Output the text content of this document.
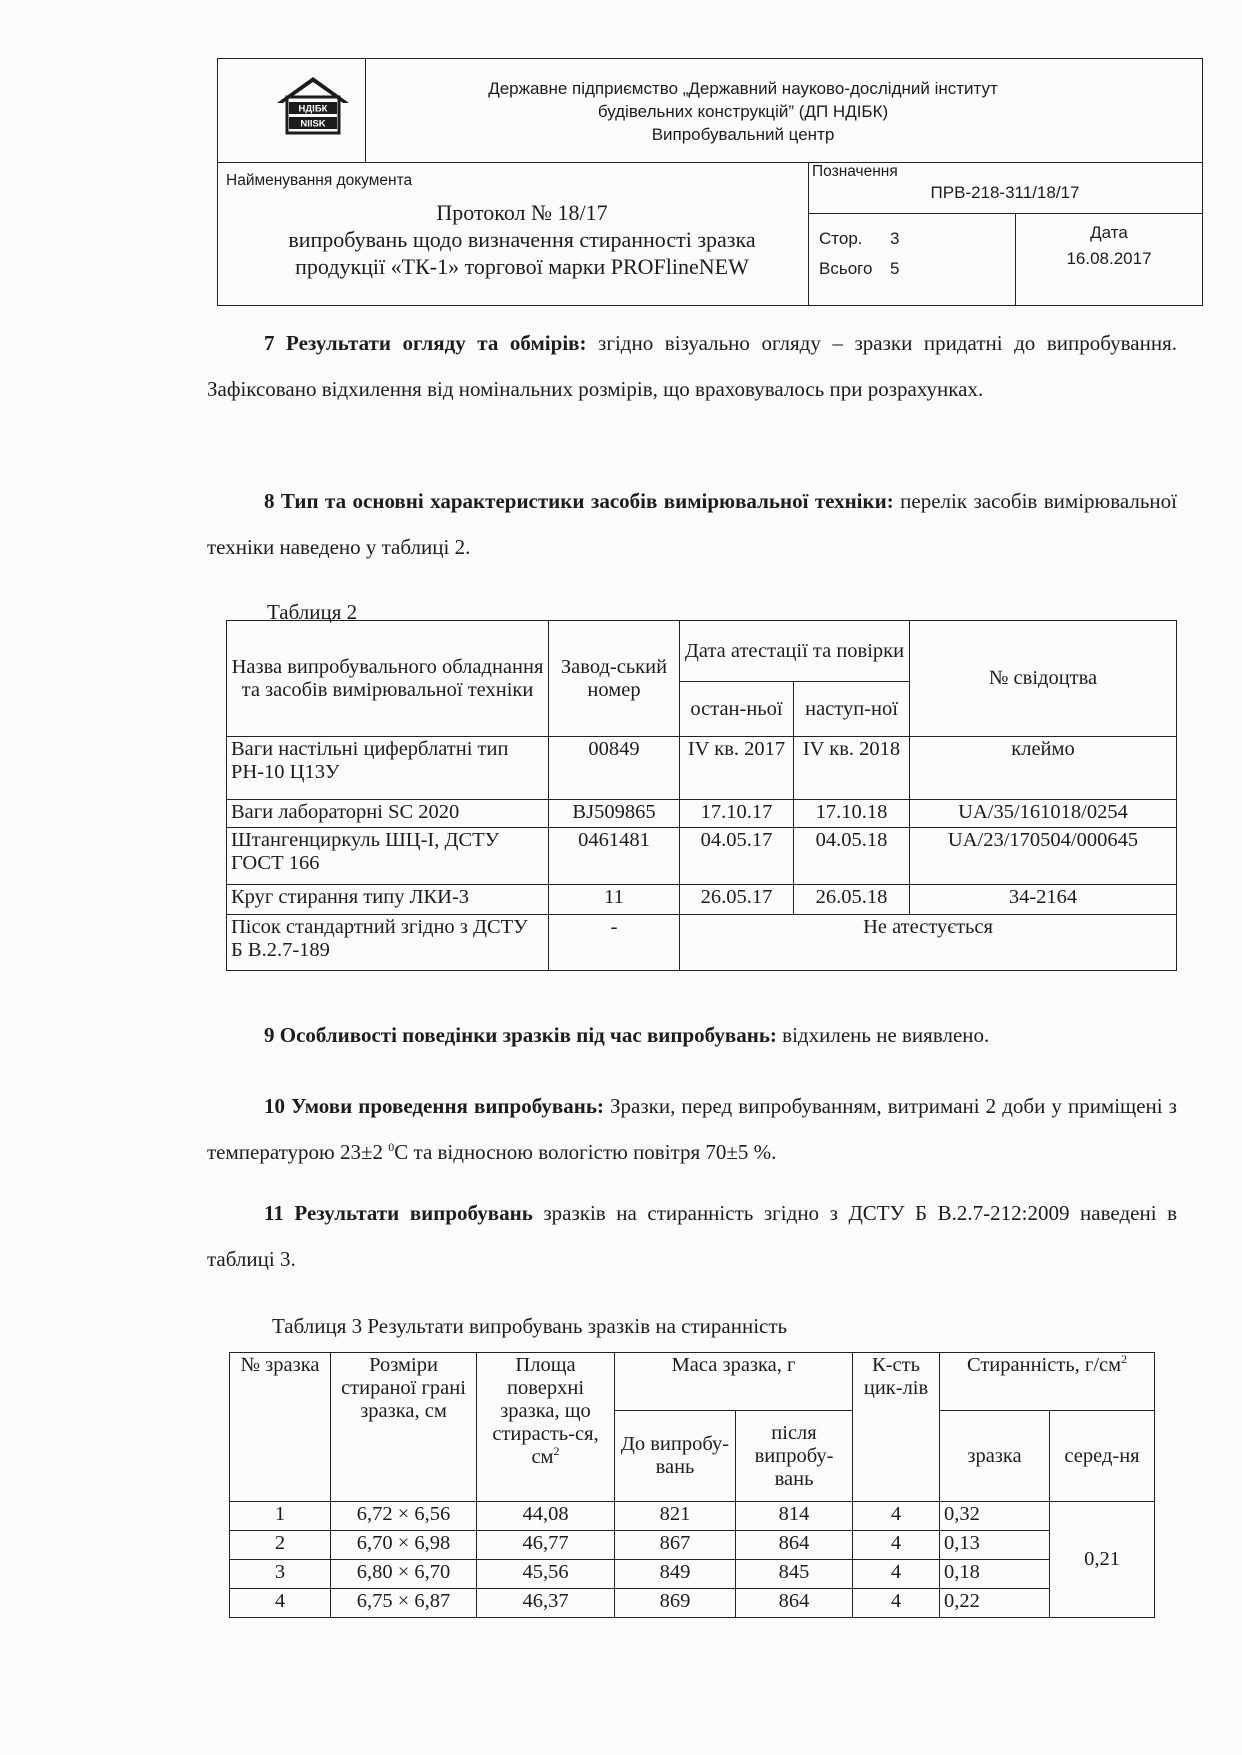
НДІБК
NIISK
Державне підприємство „Державний науково-дослідний інститут
будівельних конструкцій” (ДП НДІБК)
Випробувальний центр
Найменування документа
Протокол № 18/17
випробувань щодо визначення стиранності зразка
продукції «ТК-1» торгової марки PROFlineNEW
Позначення
ПРВ-218-311/18/17
Стор. 3
Всього 5
Дата
16.08.2017
7 Результати огляду та обмірів: згідно візуально огляду – зразки придатні до випробування. Зафіксовано відхилення від номінальних розмірів, що враховувалось при розрахунках.
8 Тип та основні характеристики засобів вимірювальної техніки: перелік засобів вимірювальної техніки наведено у таблиці 2.
Таблиця 2
Назва випробувального обладнання та засобів вимірювальної техніки	Завод-ський номер	Дата атестації та повірки		№ свідоцтва
		остан-ньої	наступ-ної	
Ваги настільні циферблатні тип РН-10 Ц13У	00849	IV кв. 2017	IV кв. 2018	клеймо
Ваги лабораторні SC 2020	BJ509865	17.10.17	17.10.18	UA/35/161018/0254
Штангенциркуль ШЦ-І, ДСТУ ГОСТ 166	0461481	04.05.17	04.05.18	UA/23/170504/000645
Круг стирання типу ЛКИ-3	11	26.05.17	26.05.18	34-2164
Пісок стандартний згідно з ДСТУ Б В.2.7-189	-	Не атестується		
9 Особливості поведінки зразків під час випробувань: відхилень не виявлено.
10 Умови проведення випробувань: Зразки, перед випробуванням, витримані 2 доби у приміщені з температурою 23±2 $^0$С та відносною вологістю повітря 70±5 %.
11 Результати випробувань зразків на стиранність згідно з ДСТУ Б В.2.7-212:2009 наведені в таблиці 3.
Таблиця 3 Результати випробувань зразків на стиранність
№ зразка	Розміри стираної грані зразка, см	Площа поверхні зразка, що стирасть-ся, $см^2$	Маса зразка, г		К-сть цик-лів	Стиранність, $г/см^2$
			До випробу-вань	після випробу-вань		зразка	серед-ня
1	6,72 × 6,56	44,08	821	814	4	0,32	0,21
2	6,70 × 6,98	46,77	867	864	4	0,13	
3	6,80 × 6,70	45,56	849	845	4	0,18	
4	6,75 × 6,87	46,37	869	864	4	0,22	
